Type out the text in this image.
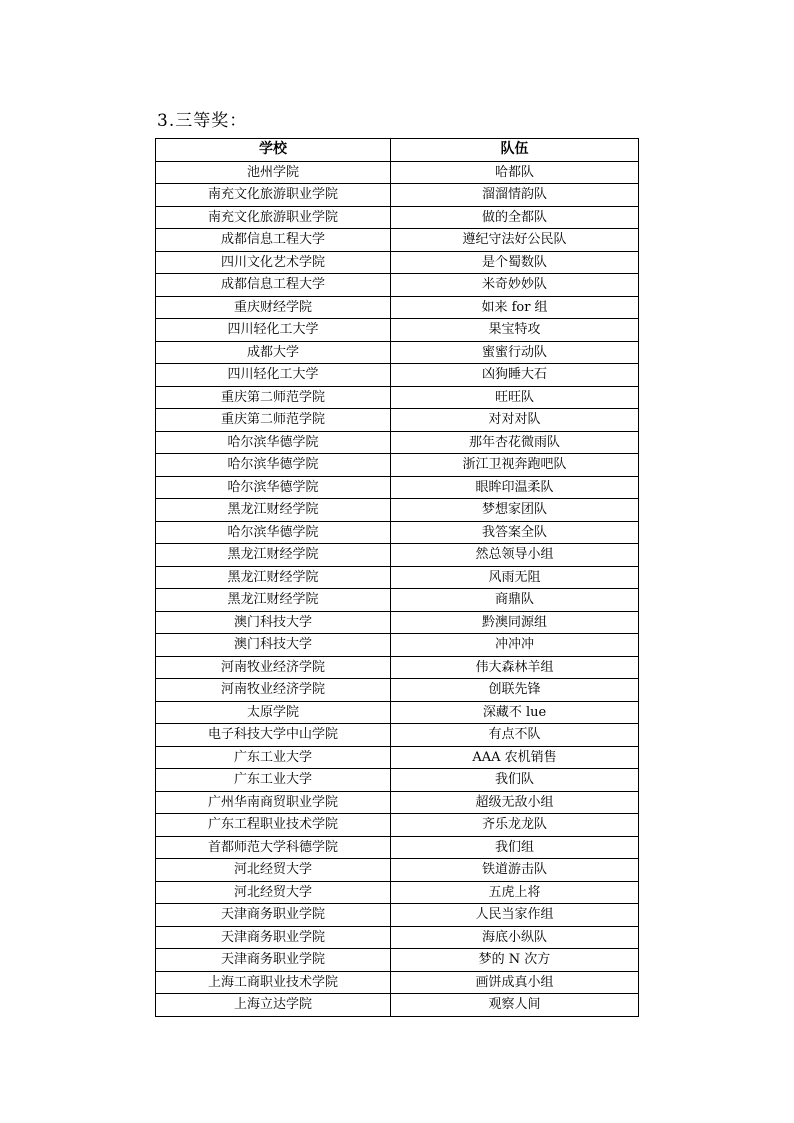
3.三等奖：
学校	队伍
池州学院	哈都队
南充文化旅游职业学院	溜溜情韵队
南充文化旅游职业学院	做的全都队
成都信息工程大学	遵纪守法好公民队
四川文化艺术学院	是个蜀数队
成都信息工程大学	米奇妙妙队
重庆财经学院	如来 for 组
四川轻化工大学	果宝特攻
成都大学	蜜蜜行动队
四川轻化工大学	凶狗睡大石
重庆第二师范学院	旺旺队
重庆第二师范学院	对对对队
哈尔滨华德学院	那年杏花微雨队
哈尔滨华德学院	浙江卫视奔跑吧队
哈尔滨华德学院	眼眸印温柔队
黑龙江财经学院	梦想家团队
哈尔滨华德学院	我答案全队
黑龙江财经学院	然总领导小组
黑龙江财经学院	风雨无阻
黑龙江财经学院	商鼎队
澳门科技大学	黔澳同源组
澳门科技大学	冲冲冲
河南牧业经济学院	伟大森林羊组
河南牧业经济学院	创联先锋
太原学院	深藏不 lue
电子科技大学中山学院	有点不队
广东工业大学	AAA 农机销售
广东工业大学	我们队
广州华南商贸职业学院	超级无敌小组
广东工程职业技术学院	齐乐龙龙队
首都师范大学科德学院	我们组
河北经贸大学	铁道游击队
河北经贸大学	五虎上将
天津商务职业学院	人民当家作组
天津商务职业学院	海底小纵队
天津商务职业学院	梦的 N 次方
上海工商职业技术学院	画饼成真小组
上海立达学院	观察人间
